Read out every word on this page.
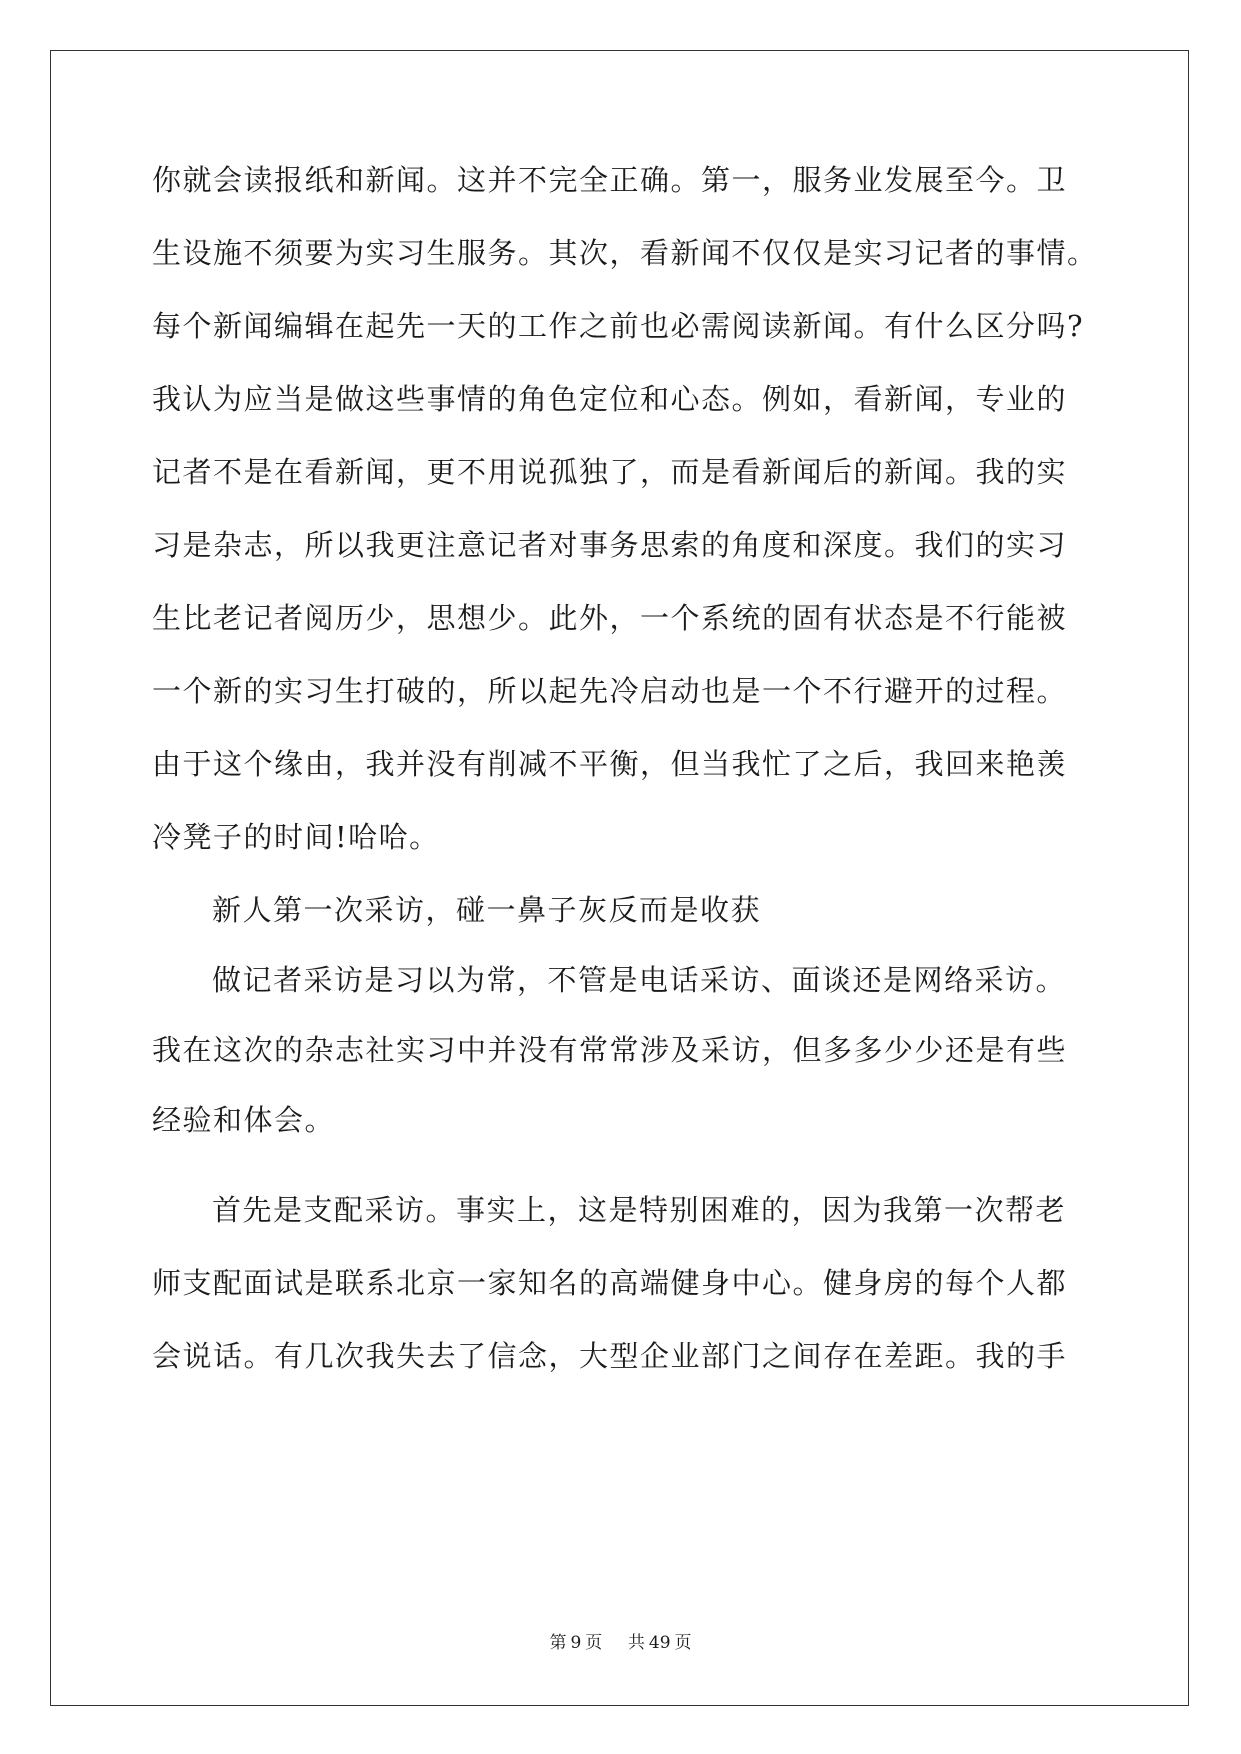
你就会读报纸和新闻。这并不完全正确。第一，服务业发展至今。卫
生设施不须要为实习生服务。其次，看新闻不仅仅是实习记者的事情。
每个新闻编辑在起先一天的工作之前也必需阅读新闻。有什么区分吗?
我认为应当是做这些事情的角色定位和心态。例如，看新闻，专业的
记者不是在看新闻，更不用说孤独了，而是看新闻后的新闻。我的实
习是杂志，所以我更注意记者对事务思索的角度和深度。我们的实习
生比老记者阅历少，思想少。此外，一个系统的固有状态是不行能被
一个新的实习生打破的，所以起先冷启动也是一个不行避开的过程。
由于这个缘由，我并没有削减不平衡，但当我忙了之后，我回来艳羡
冷凳子的时间!哈哈。
新人第一次采访，碰一鼻子灰反而是收获
做记者采访是习以为常，不管是电话采访、面谈还是网络采访。
我在这次的杂志社实习中并没有常常涉及采访，但多多少少还是有些
经验和体会。
首先是支配采访。事实上，这是特别困难的，因为我第一次帮老
师支配面试是联系北京一家知名的高端健身中心。健身房的每个人都
会说话。有几次我失去了信念，大型企业部门之间存在差距。我的手
第 9 页 共 49 页
